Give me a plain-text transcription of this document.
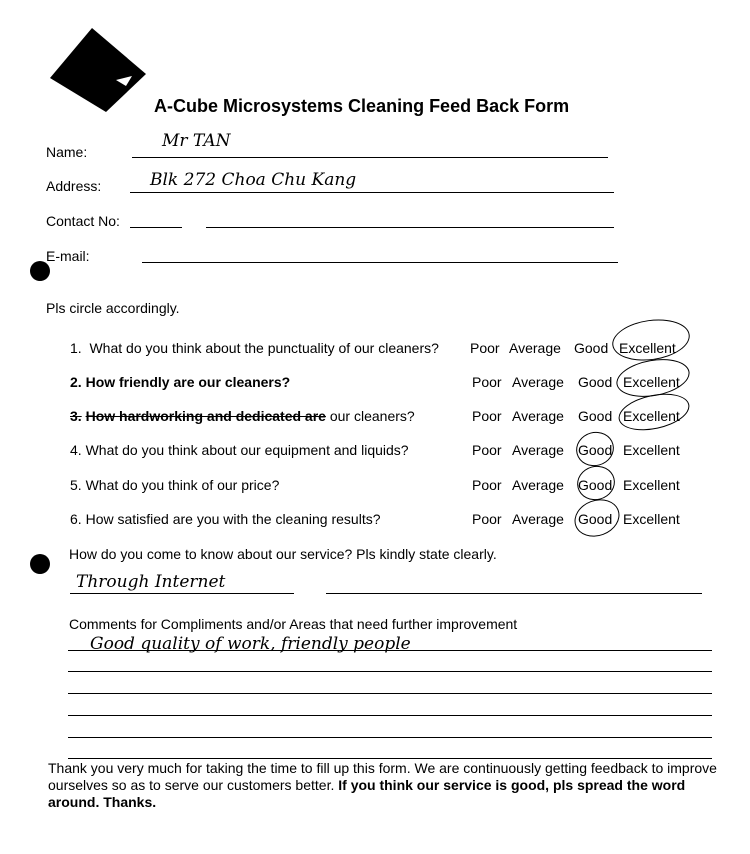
A-Cube Microsystems Cleaning Feed Back Form
Name:
Mr TAN
Address:	Blk 272 Choa Chu Kang
Contact No:
E-mail:
Pls circle accordingly.
1. What do you think about the punctuality of our cleaners?
2. How friendly are our cleaners?
3. How hardworking and dedicated are our cleaners?
4. What do you think about our equipment and liquids?
5. What do you think of our price?
6. How satisfied are you with the cleaning results?
Poor Average Good Excellent
Poor Average Good Excellent
Poor Average Good Excellent
Poor Average Good Excellent
Poor Average Good Excellent
Poor Average Good Excellent
How do you come to know about our service? Pls kindly state clearly.
Through Internet
Comments for Compliments and/or Areas that need further improvement
Good quality of work, friendly people
Thank you very much for taking the time to fill up this form. We are continuously getting feedback to improve ourselves so as to serve our customers better. If you think our service is good, pls spread the word around. Thanks.
